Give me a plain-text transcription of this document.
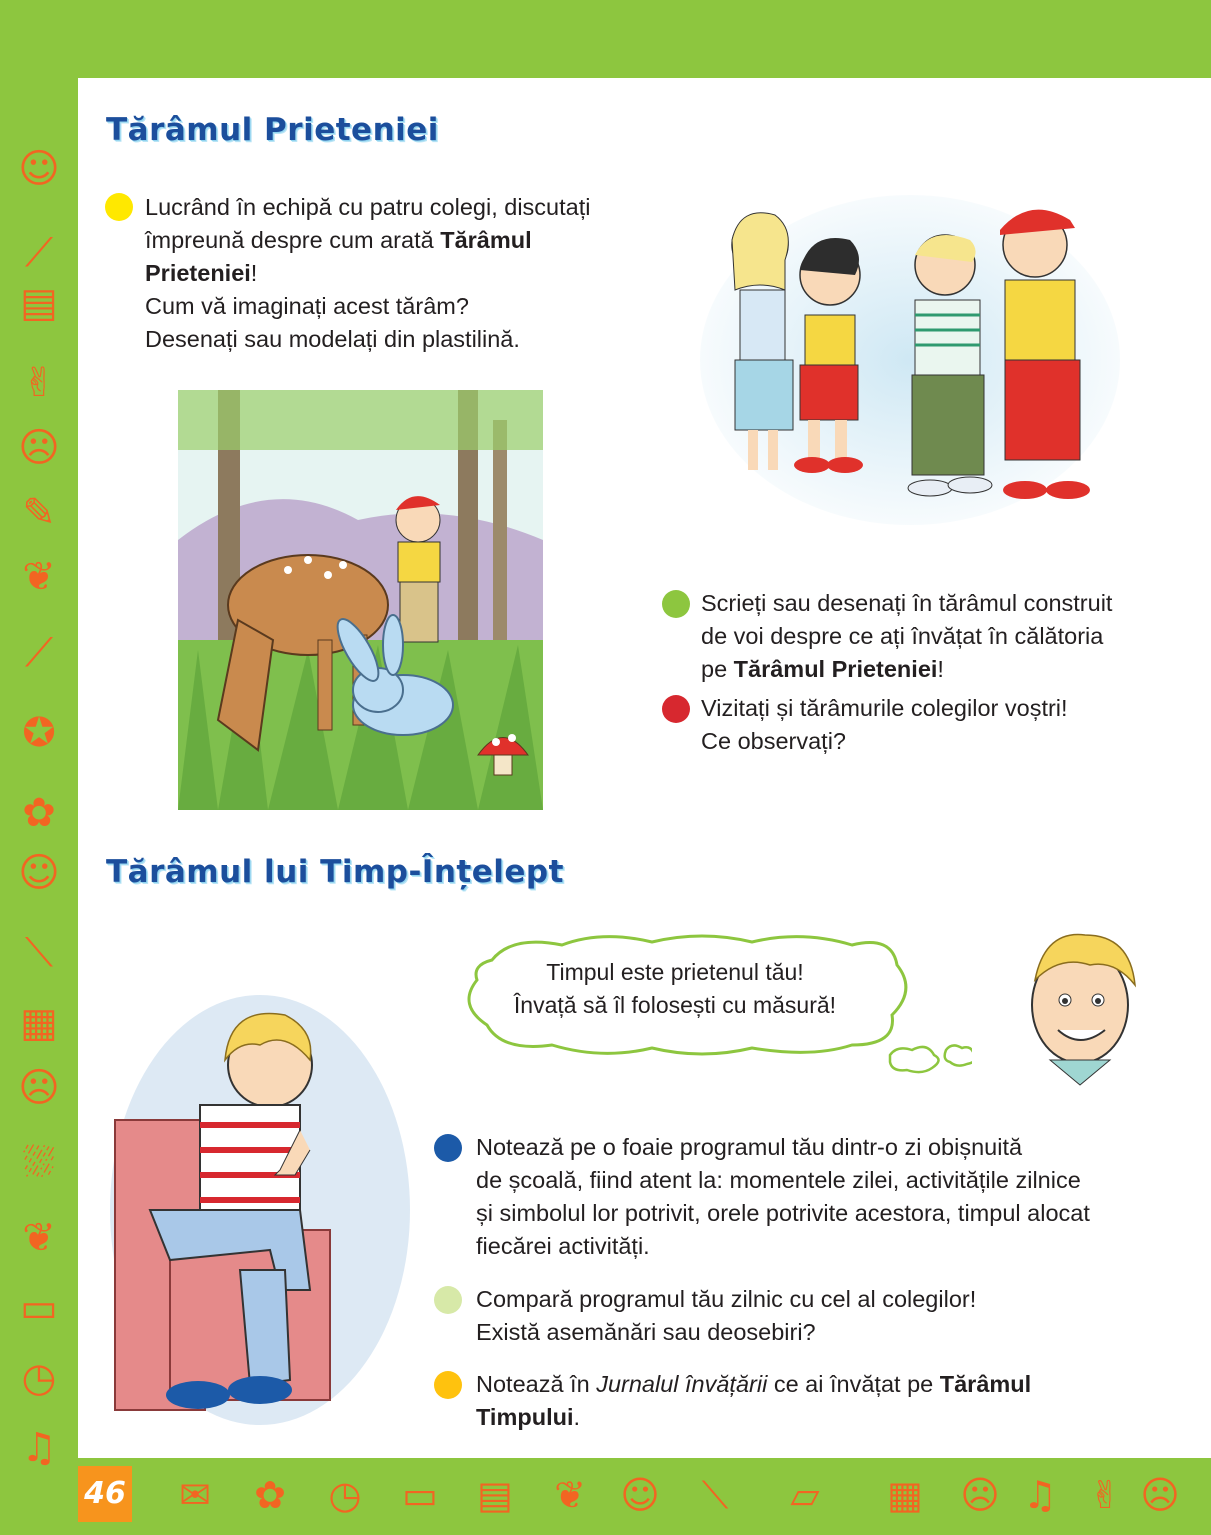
☺
⟋
▤
✌
☹
✎
❦
⟋
✪
✿
☺
⟍
▦
☹
⛆
❦
▭
◷
♫
✉ ✿ ◷ ▭ ▤ ❦ ☺	⟍	▱ ▦ ☹ ♫ ✌ ☹
46
Tărâmul Prieteniei
Lucrând în echipă cu patru colegi, discutați
împreună despre cum arată Tărâmul
Prieteniei!
Cum vă imaginați acest tărâm?
Desenați sau modelați din plastilină.
Scrieți sau desenați în tărâmul construit
de voi despre ce ați învățat în călătoria
pe Tărâmul Prieteniei!
Vizitați și tărâmurile colegilor voștri!
Ce observați?
Tărâmul lui Timp-Înțelept
Timpul este prietenul tău!
Învață să îl folosești cu măsură!
Notează pe o foaie programul tău dintr-o zi obișnuită
de școală, fiind atent la: momentele zilei, activitățile zilnice
și simbolul lor potrivit, orele potrivite acestora, timpul alocat
fiecărei activități.
Compară programul tău zilnic cu cel al colegilor!
Există asemănări sau deosebiri?
Notează în Jurnalul învățării ce ai învățat pe Tărâmul
Timpului.
